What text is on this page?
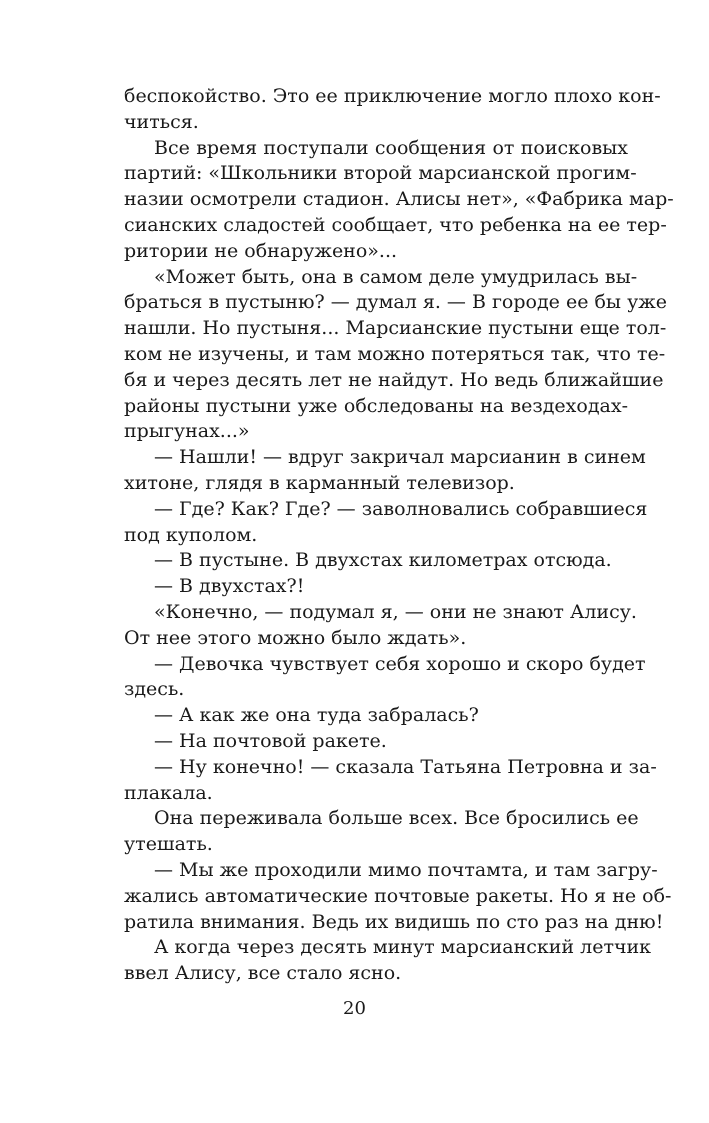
беспокойство. Это ее приключение могло плохо кон-
читься.
Все время поступали сообщения от поисковых
партий: «Школьники второй марсианской прогим-
назии осмотрели стадион. Алисы нет», «Фабрика мар-
сианских сладостей сообщает, что ребенка на ее тер-
ритории не обнаружено»...
«Может быть, она в самом деле умудрилась вы-
браться в пустыню? — думал я. — В городе ее бы уже
нашли. Но пустыня... Марсианские пустыни еще тол-
ком не изучены, и там можно потеряться так, что те-
бя и через десять лет не найдут. Но ведь ближайшие
районы пустыни уже обследованы на вездеходах-
прыгунах...»
— Нашли! — вдруг закричал марсианин в синем
хитоне, глядя в карманный телевизор.
— Где? Как? Где? — заволновались собравшиеся
под куполом.
— В пустыне. В двухстах километрах отсюда.
— В двухстах?!
«Конечно, — подумал я, — они не знают Алису.
От нее этого можно было ждать».
— Девочка чувствует себя хорошо и скоро будет
здесь.
— А как же она туда забралась?
— На почтовой ракете.
— Ну конечно! — сказала Татьяна Петровна и за-
плакала.
Она переживала больше всех. Все бросились ее
утешать.
— Мы же проходили мимо почтамта, и там загру-
жались автоматические почтовые ракеты. Но я не об-
ратила внимания. Ведь их видишь по сто раз на дню!
А когда через десять минут марсианский летчик
ввел Алису, все стало ясно.
20
